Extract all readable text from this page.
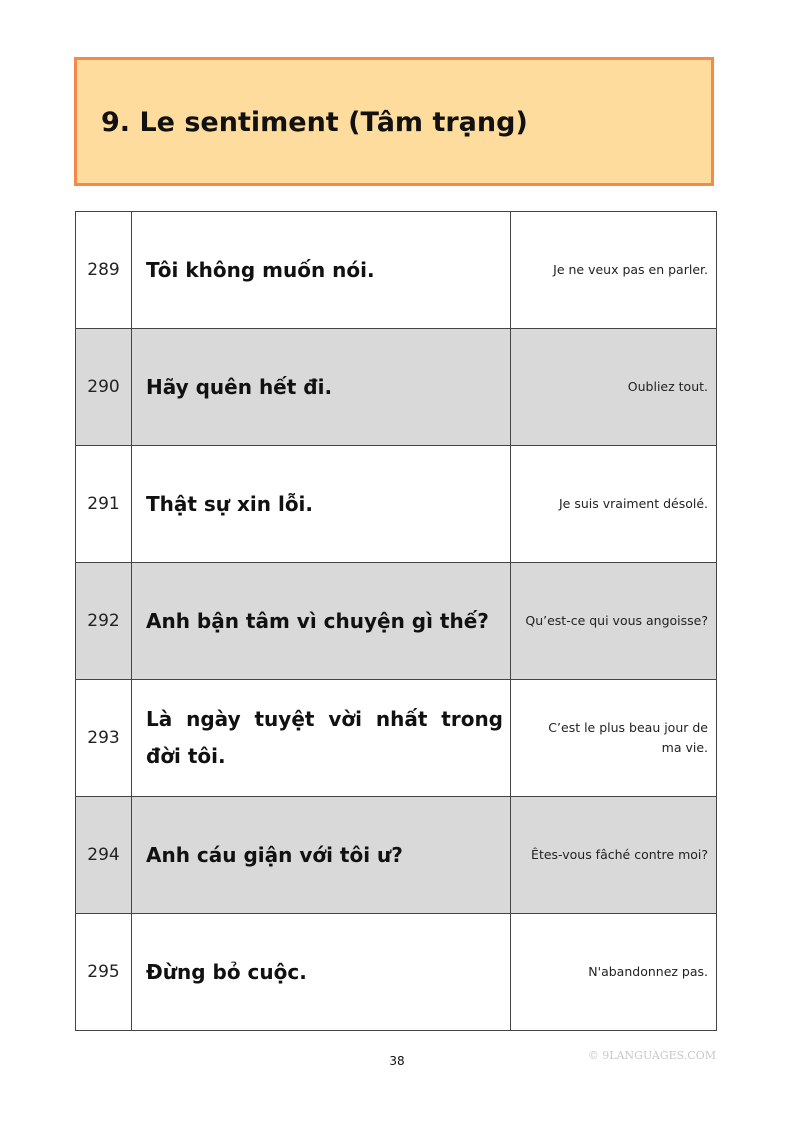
9. Le sentiment (Tâm trạng)
289	Tôi không muốn nói.	Je ne veux pas en parler.
290	Hãy quên hết đi.	Oubliez tout.
291	Thật sự xin lỗi.	Je suis vraiment désolé.
292	Anh bận tâm vì chuyện gì thế?	Qu’est-ce qui vous angoisse?
293	Là ngày tuyệt vời nhất trong đời tôi.	C’est le plus beau jour de ma vie.
294	Anh cáu giận với tôi ư?	Êtes-vous fâché contre moi?
295	Đừng bỏ cuộc.	N'abandonnez pas.
38	© 9LANGUAGES.COM
